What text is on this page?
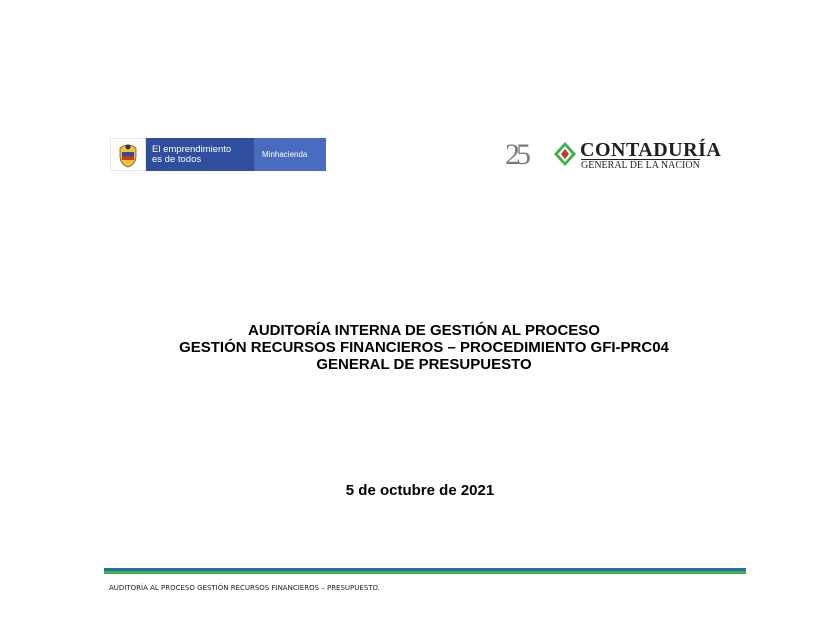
El emprendimiento
es de todos	Minhacienda	25	CONTADURÍA
GENERAL DE LA NACIÓN
AUDITORÍA INTERNA DE GESTIÓN AL PROCESO
GESTIÓN RECURSOS FINANCIEROS – PROCEDIMIENTO GFI-PRC04
GENERAL DE PRESUPUESTO
5 de octubre de 2021
AUDITORÍA AL PROCESO GESTIÓN RECURSOS FINANCIEROS – PRESUPUESTO.
